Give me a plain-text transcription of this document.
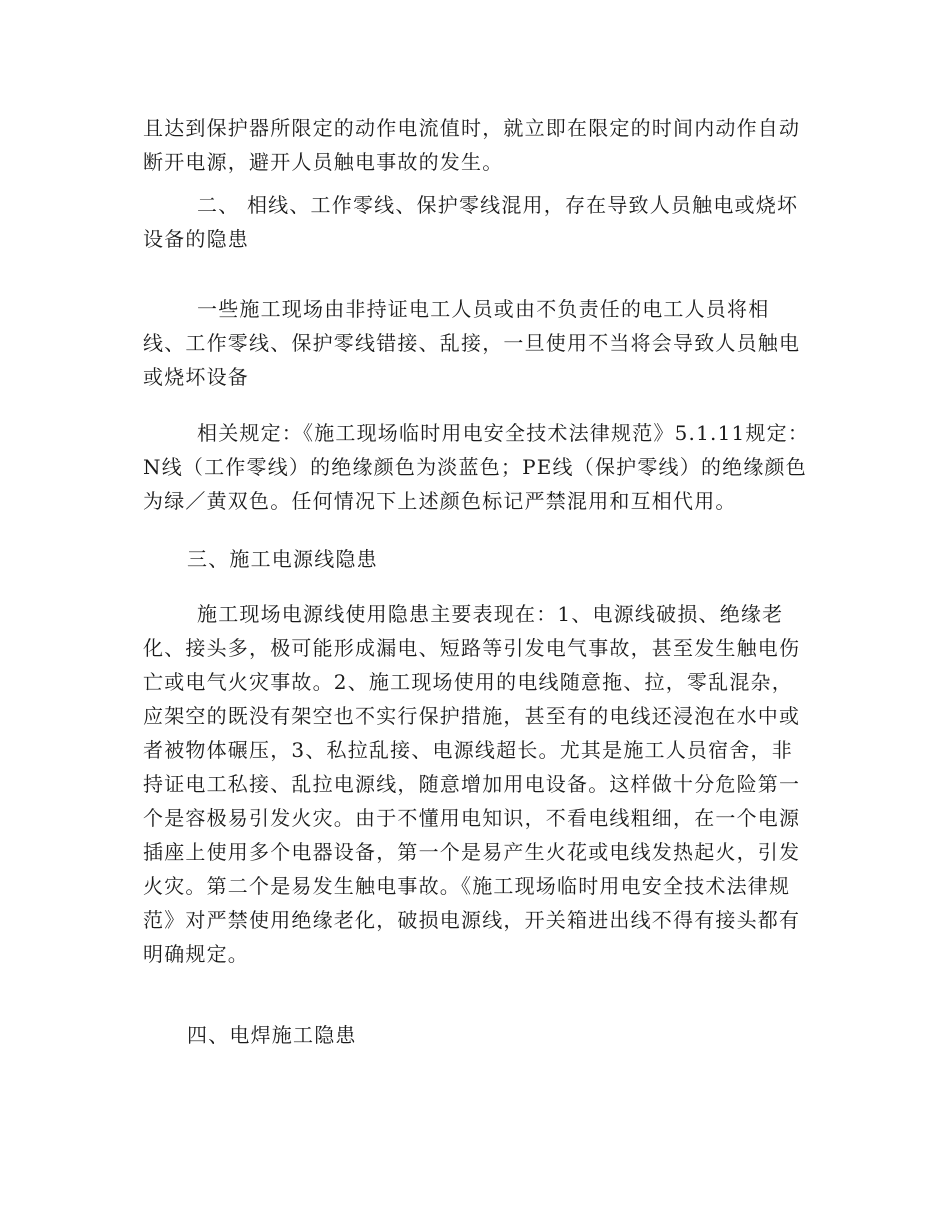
且达到保护器所限定的动作电流值时，就立即在限定的时间内动作自动断开电源，避开人员触电事故的发生。

二、 相线、工作零线、保护零线混用，存在导致人员触电或烧坏设备的隐患

一些施工现场由非持证电工人员或由不负责任的电工人员将相线、工作零线、保护零线错接、乱接，一旦使用不当将会导致人员触电或烧坏设备

相关规定：《施工现场临时用电安全技术法律规范》5.1.11规定：N线（工作零线）的绝缘颜色为淡蓝色；PE线（保护零线）的绝缘颜色为绿／黄双色。任何情况下上述颜色标记严禁混用和互相代用。

三、施工电源线隐患

施工现场电源线使用隐患主要表现在：1、电源线破损、绝缘老化、接头多，极可能形成漏电、短路等引发电气事故，甚至发生触电伤亡或电气火灾事故。2、施工现场使用的电线随意拖、拉，零乱混杂，应架空的既没有架空也不实行保护措施，甚至有的电线还浸泡在水中或者被物体碾压，3、私拉乱接、电源线超长。尤其是施工人员宿舍，非持证电工私接、乱拉电源线，随意增加用电设备。这样做十分危险第一个是容极易引发火灾。由于不懂用电知识，不看电线粗细，在一个电源插座上使用多个电器设备，第一个是易产生火花或电线发热起火，引发火灾。第二个是易发生触电事故。《施工现场临时用电安全技术法律规范》对严禁使用绝缘老化，破损电源线，开关箱进出线不得有接头都有明确规定。

四、电焊施工隐患
